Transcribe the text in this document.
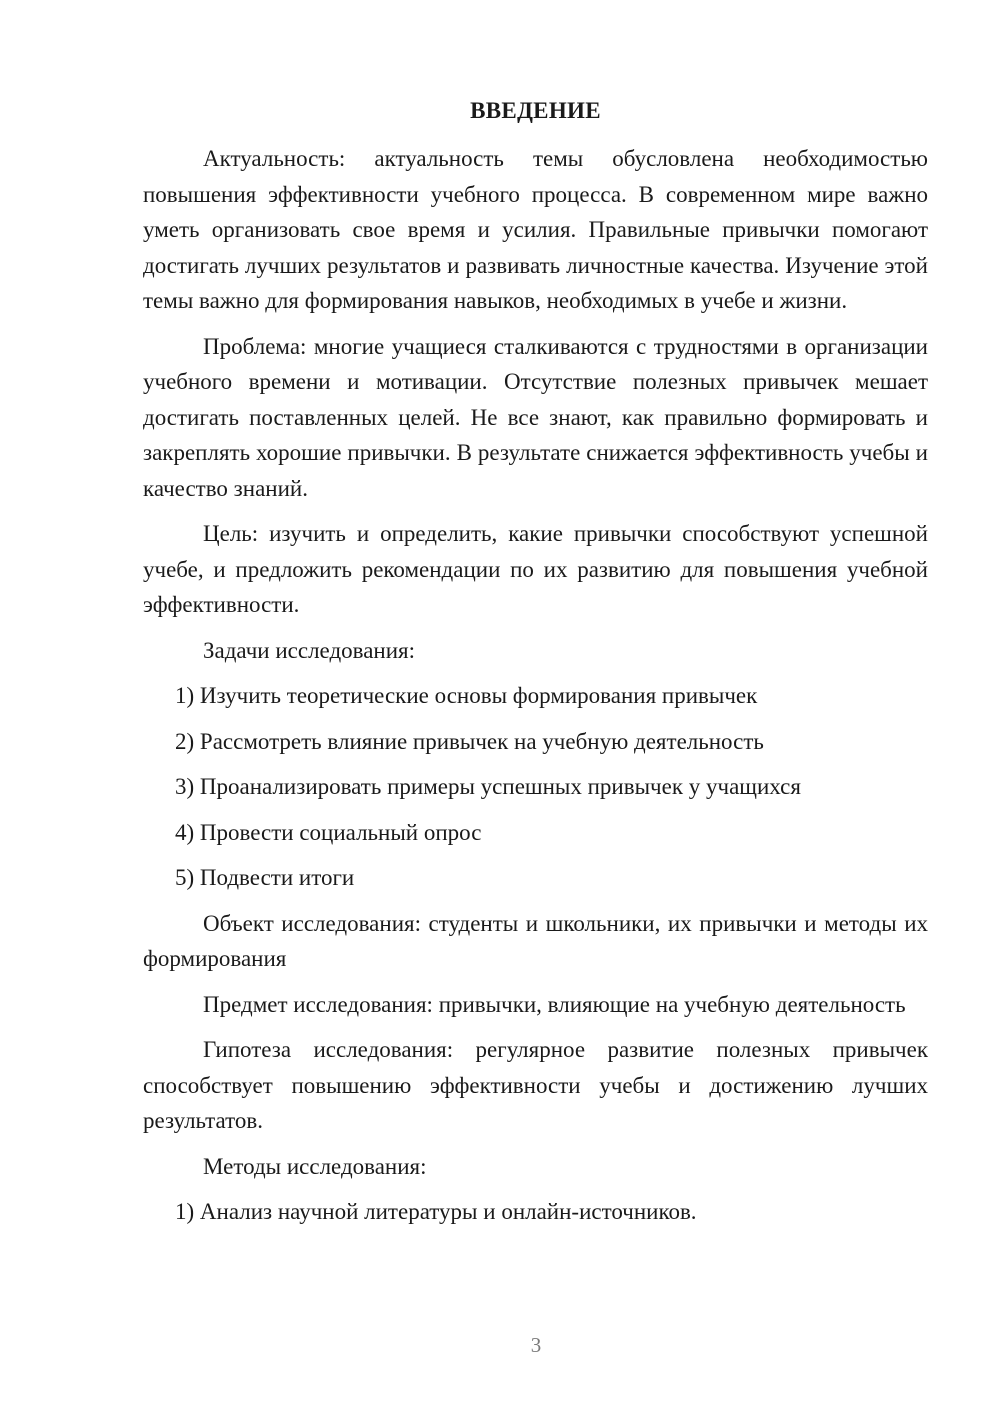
ВВЕДЕНИЕ

Актуальность: актуальность темы обусловлена необходимостью повышения эффективности учебного процесса. В современном мире важно уметь организовать свое время и усилия. Правильные привычки помогают достигать лучших результатов и развивать личностные качества. Изучение этой темы важно для формирования навыков, необходимых в учебе и жизни.

Проблема: многие учащиеся сталкиваются с трудностями в организации учебного времени и мотивации. Отсутствие полезных привычек мешает достигать поставленных целей. Не все знают, как правильно формировать и закреплять хорошие привычки. В результате снижается эффективность учебы и качество знаний.

Цель: изучить и определить, какие привычки способствуют успешной учебе, и предложить рекомендации по их развитию для повышения учебной эффективности.

Задачи исследования:

1) Изучить теоретические основы формирования привычек
2) Рассмотреть влияние привычек на учебную деятельность
3) Проанализировать примеры успешных привычек у учащихся
4) Провести социальный опрос
5) Подвести итоги

Объект исследования: студенты и школьники, их привычки и методы их формирования

Предмет исследования: привычки, влияющие на учебную деятельность

Гипотеза исследования: регулярное развитие полезных привычек способствует повышению эффективности учебы и достижению лучших результатов.

Методы исследования:

1) Анализ научной литературы и онлайн-источников.
3
